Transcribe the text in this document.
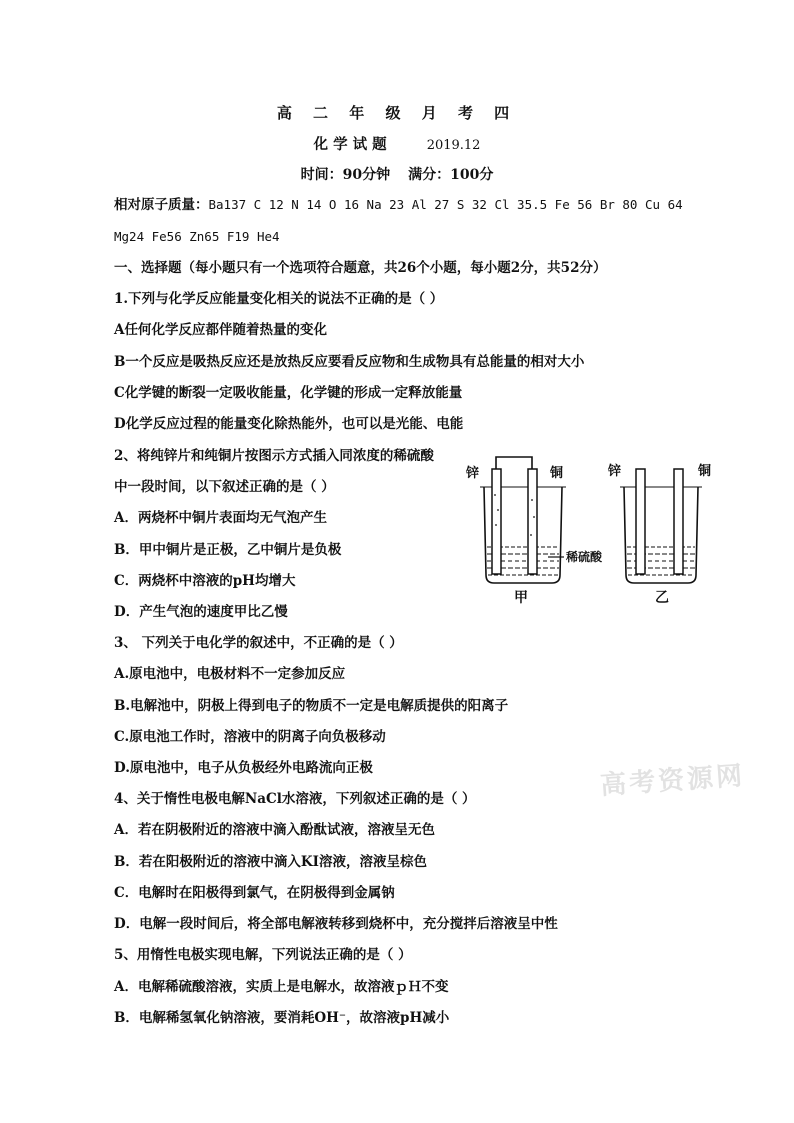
高 二 年 级 月 考 四
化 学 试 题	2019.12
时间：90分钟 满分：100分
相对原子质量：Ba137 C 12 N 14 O 16 Na 23 Al 27 S 32 Cl 35.5 Fe 56 Br 80 Cu 64
Mg24 Fe56 Zn65 F19 He4
一、选择题（每小题只有一个选项符合题意，共26个小题，每小题2分，共52分）
1.下列与化学反应能量变化相关的说法不正确的是（ ）
A任何化学反应都伴随着热量的变化
B一个反应是吸热反应还是放热反应要看反应物和生成物具有总能量的相对大小
C化学键的断裂一定吸收能量，化学键的形成一定释放能量
D化学反应过程的能量变化除热能外，也可以是光能、电能
2、将纯锌片和纯铜片按图示方式插入同浓度的稀硫酸
中一段时间，以下叙述正确的是（ ）
A．两烧杯中铜片表面均无气泡产生
B．甲中铜片是正极，乙中铜片是负极
C．两烧杯中溶液的pH均增大
D．产生气泡的速度甲比乙慢
锌	铜	锌	铜
稀硫酸
甲	乙
3、 下列关于电化学的叙述中，不正确的是（ ）
A.原电池中，电极材料不一定参加反应
B.电解池中，阴极上得到电子的物质不一定是电解质提供的阳离子
C.原电池工作时，溶液中的阴离子向负极移动
D.原电池中，电子从负极经外电路流向正极
4、关于惰性电极电解NaCl水溶液，下列叙述正确的是（ ）
A．若在阴极附近的溶液中滴入酚酞试液，溶液呈无色
B．若在阳极附近的溶液中滴入KI溶液，溶液呈棕色
C．电解时在阳极得到氯气，在阴极得到金属钠
D．电解一段时间后，将全部电解液转移到烧杯中，充分搅拌后溶液呈中性
5、用惰性电极实现电解，下列说法正确的是（ ）
A．电解稀硫酸溶液，实质上是电解水，故溶液ｐＨ不变
B．电解稀氢氧化钠溶液，要消耗OH⁻，故溶液pH减小
高考资源网
